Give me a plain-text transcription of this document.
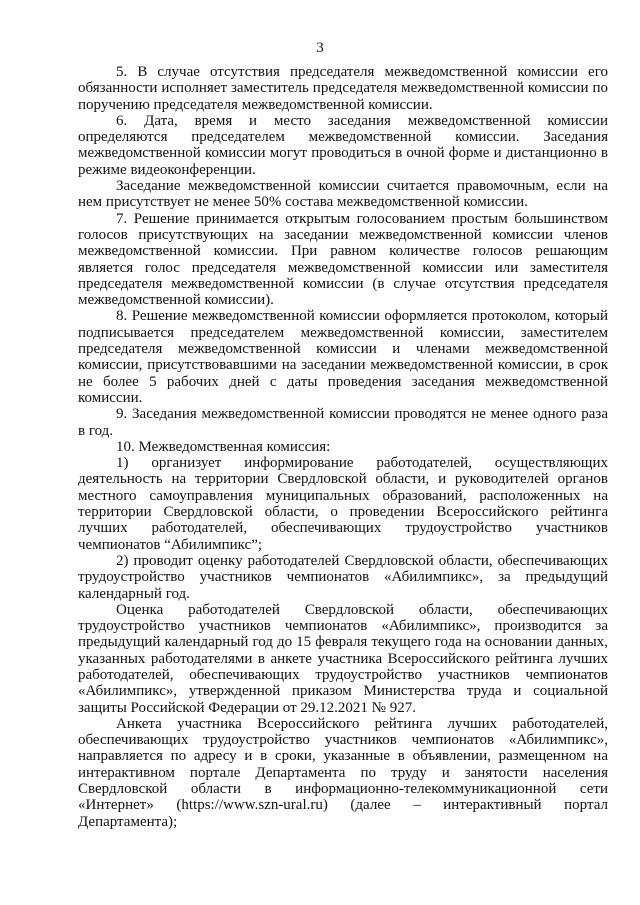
3

5. В случае отсутствия председателя межведомственной комиссии его обязанности исполняет заместитель председателя межведомственной комиссии по поручению председателя межведомственной комиссии.

6. Дата, время и место заседания межведомственной комиссии определяются председателем межведомственной комиссии. Заседания межведомственной комиссии могут проводиться в очной форме и дистанционно в режиме видеоконференции.

Заседание межведомственной комиссии считается правомочным, если на нем присутствует не менее 50% состава межведомственной комиссии.

7. Решение принимается открытым голосованием простым большинством голосов присутствующих на заседании межведомственной комиссии членов межведомственной комиссии. При равном количестве голосов решающим является голос председателя межведомственной комиссии или заместителя председателя межведомственной комиссии (в случае отсутствия председателя межведомственной комиссии).

8. Решение межведомственной комиссии оформляется протоколом, который подписывается председателем межведомственной комиссии, заместителем председателя межведомственной комиссии и членами межведомственной комиссии, присутствовавшими на заседании межведомственной комиссии, в срок не более 5 рабочих дней с даты проведения заседания межведомственной комиссии.

9. Заседания межведомственной комиссии проводятся не менее одного раза в год.

10. Межведомственная комиссия:

1) организует информирование работодателей, осуществляющих деятельность на территории Свердловской области, и руководителей органов местного самоуправления муниципальных образований, расположенных на территории Свердловской области, о проведении Всероссийского рейтинга лучших работодателей, обеспечивающих трудоустройство участников чемпионатов “Абилимпикс”;

2) проводит оценку работодателей Свердловской области, обеспечивающих трудоустройство участников чемпионатов «Абилимпикс», за предыдущий календарный год.

Оценка работодателей Свердловской области, обеспечивающих трудоустройство участников чемпионатов «Абилимпикс», производится за предыдущий календарный год до 15 февраля текущего года на основании данных, указанных работодателями в анкете участника Всероссийского рейтинга лучших работодателей, обеспечивающих трудоустройство участников чемпионатов «Абилимпикс», утвержденной приказом Министерства труда и социальной защиты Российской Федерации от 29.12.2021 № 927.

Анкета участника Всероссийского рейтинга лучших работодателей, обеспечивающих трудоустройство участников чемпионатов «Абилимпикс», направляется по адресу и в сроки, указанные в объявлении, размещенном на интерактивном портале Департамента по труду и занятости населения Свердловской области в информационно-телекоммуникационной сети «Интернет» (https://www.szn-ural.ru) (далее – интерактивный портал Департамента);
